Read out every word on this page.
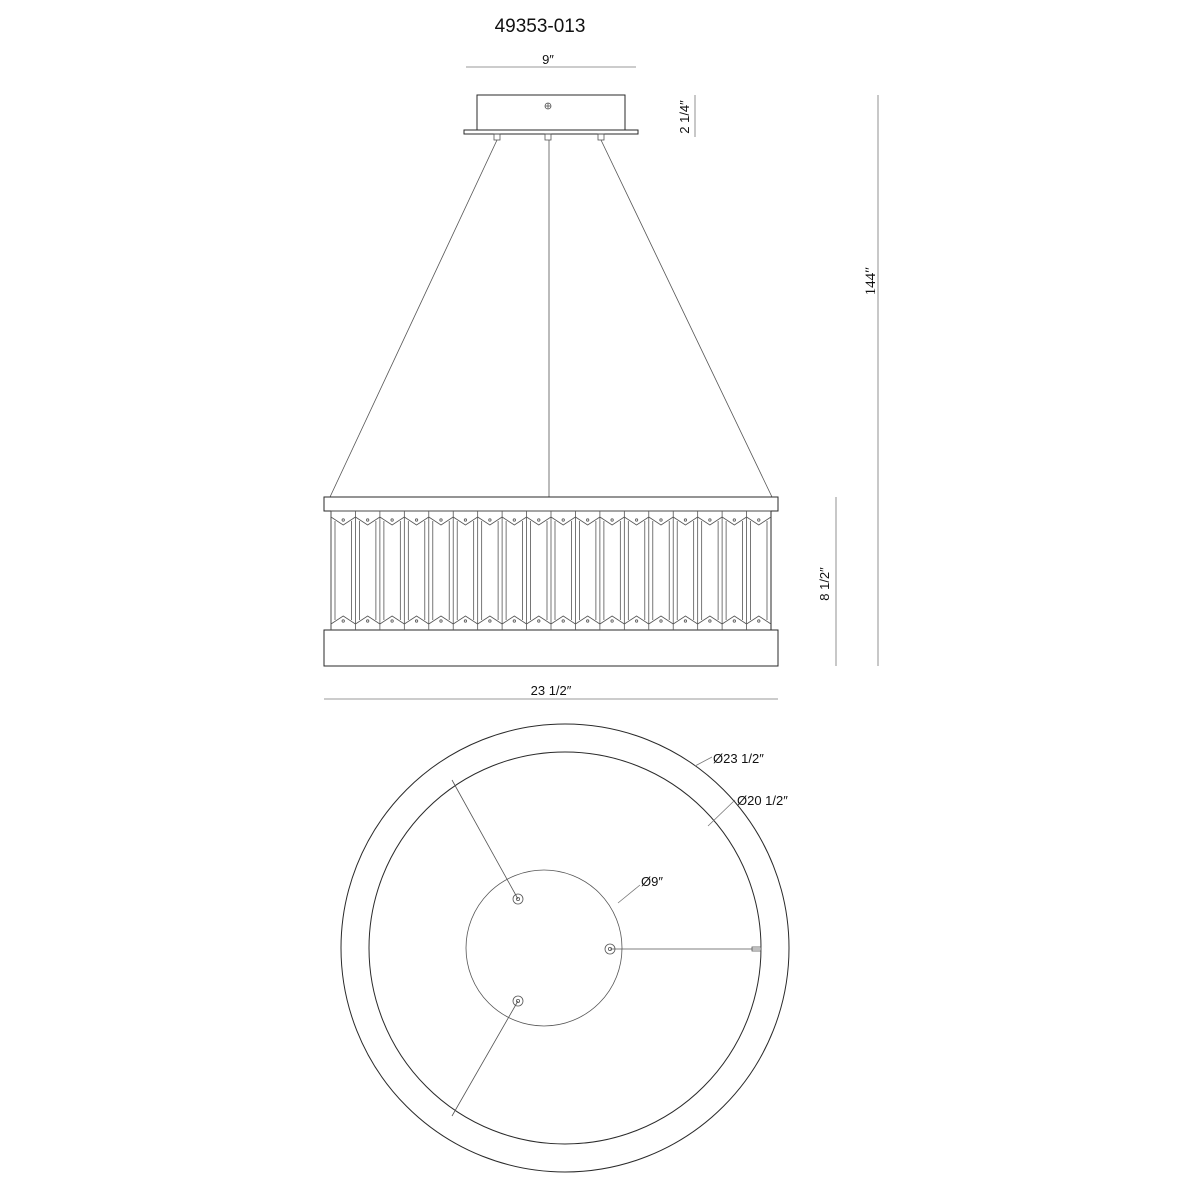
49353-013
9″
2 1/4″
144″
8 1/2″
23 1/2″
Ø23 1/2″
Ø20 1/2″
Ø9″
